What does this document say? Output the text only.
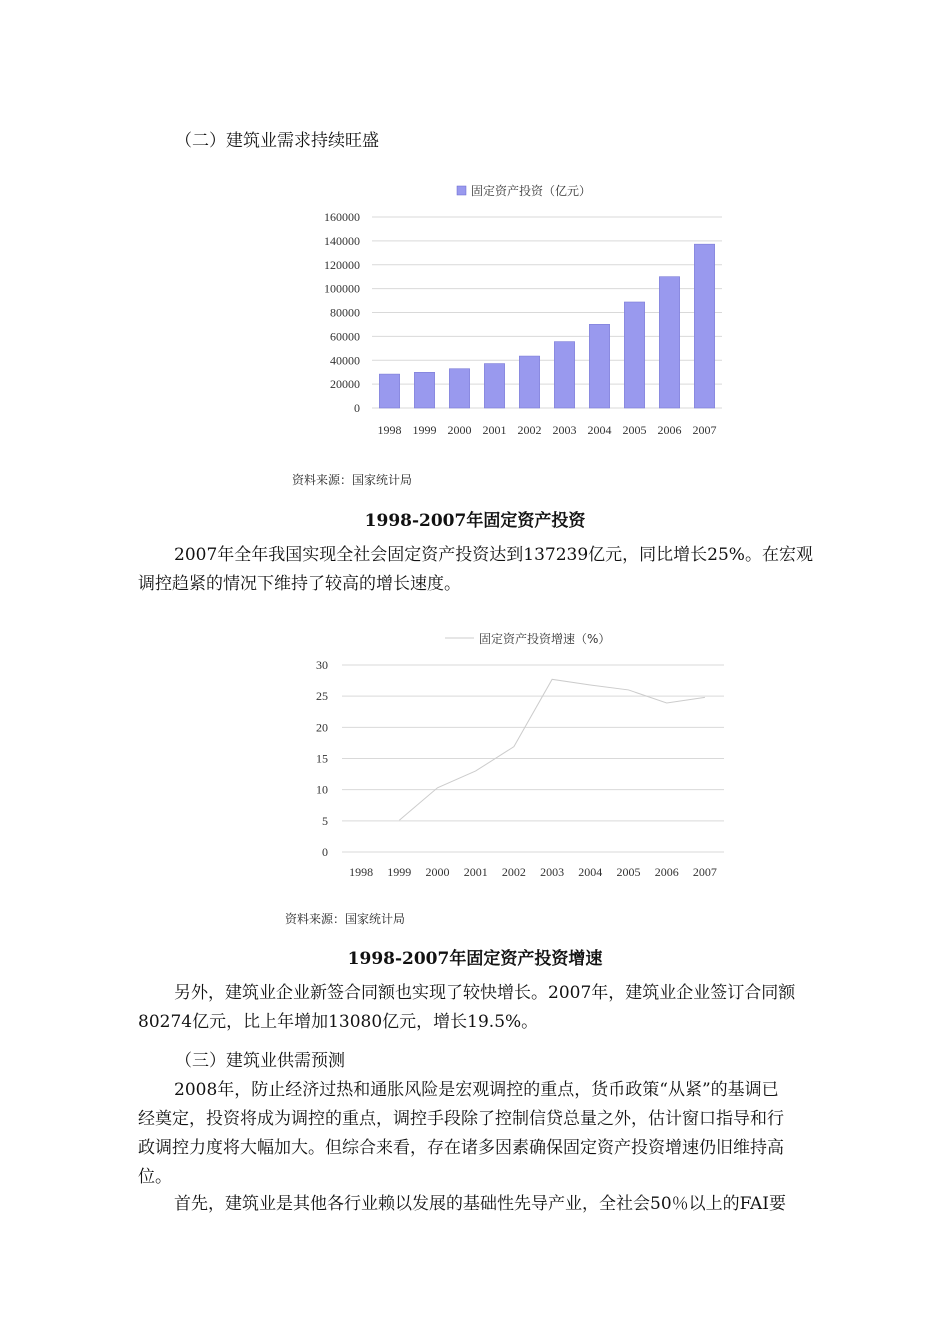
（二）建筑业需求持续旺盛
固定资产投资（亿元）
0
20000
40000
60000
80000
100000
120000
140000
160000
1998 1999 2000 2001 2002 2003 2004 2005 2006 2007
资料来源：国家统计局
1998-2007年固定资产投资
2007年全年我国实现全社会固定资产投资达到137239亿元，同比增长25%。在宏观
调控趋紧的情况下维持了较高的增长速度。
固定资产投资增速（%）
0
5
10
15
20
25
30
1998 1999 2000 2001 2002 2003 2004 2005 2006 2007
资料来源：国家统计局
1998-2007年固定资产投资增速
另外，建筑业企业新签合同额也实现了较快增长。2007年，建筑业企业签订合同额
80274亿元，比上年增加13080亿元，增长19.5%。
（三）建筑业供需预测
2008年，防止经济过热和通胀风险是宏观调控的重点，货币政策“从紧”的基调已
经奠定，投资将成为调控的重点，调控手段除了控制信贷总量之外，估计窗口指导和行
政调控力度将大幅加大。但综合来看，存在诸多因素确保固定资产投资增速仍旧维持高
位。
首先，建筑业是其他各行业赖以发展的基础性先导产业，全社会50％以上的FAI要
